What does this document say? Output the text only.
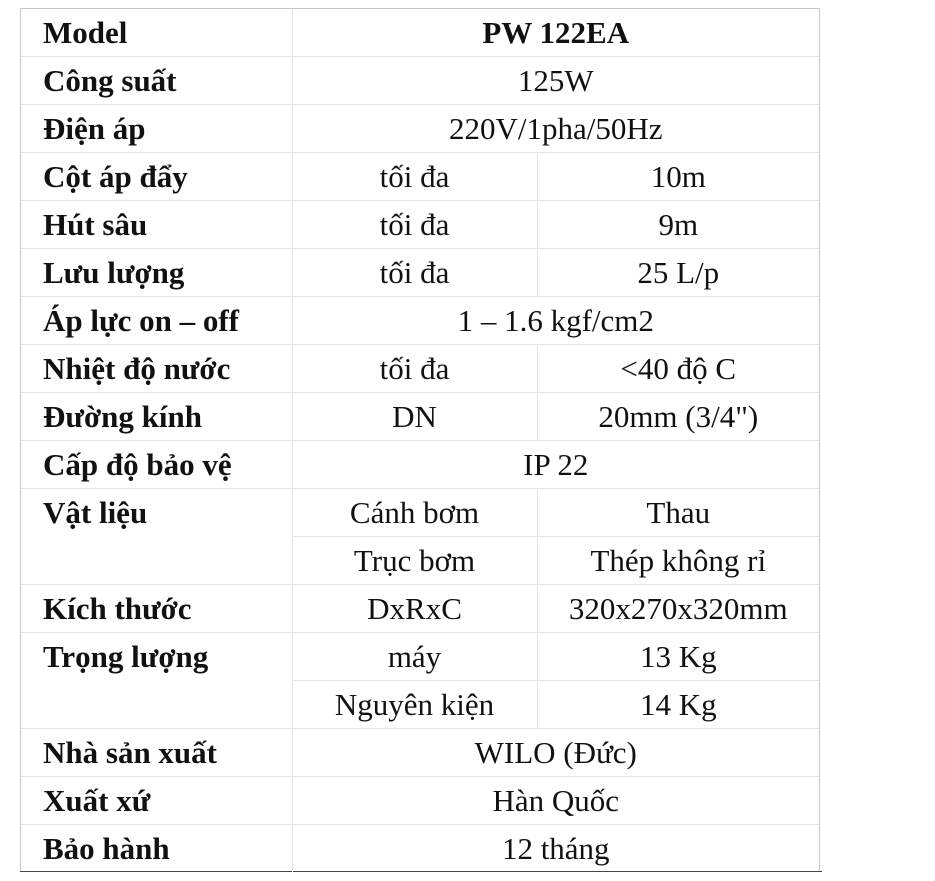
Model	PW 122EA	
Công suất	125W	
Điện áp	220V/1pha/50Hz	
Cột áp đẩy	tối đa	10m
Hút sâu	tối đa	9m
Lưu lượng	tối đa	25 L/p
Áp lực on – off	1 – 1.6 kgf/cm2	
Nhiệt độ nước	tối đa	<40 độ C
Đường kính	DN	20mm (3/4")
Cấp độ bảo vệ	IP 22	
Vật liệu	Cánh bơm	Thau
	Trục bơm	Thép không rỉ
Kích thước	DxRxC	320x270x320mm
Trọng lượng	máy	13 Kg
	Nguyên kiện	14 Kg
Nhà sản xuất	WILO (Đức)	
Xuất xứ	Hàn Quốc	
Bảo hành	12 tháng	
